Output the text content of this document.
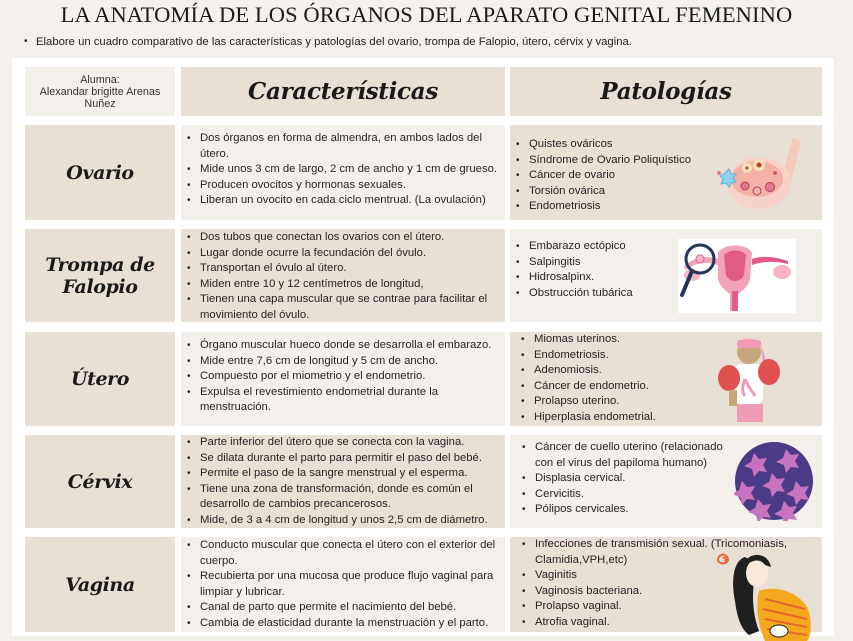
LA ANATOMÍA DE LOS ÓRGANOS DEL APARATO GENITAL FEMENINO
• Elabore un cuadro comparativo de las características y patologías del ovario, trompa de Falopio, útero, cérvix y vagina.
Alumna:
Alexandar brigitte Arenas
Nuñez	Características	Patologías
Ovario
• Dos órganos en forma de almendra, en ambos lados del útero.
• Mide unos 3 cm de largo, 2 cm de ancho y 1 cm de grueso.
• Producen ovocitos y hormonas sexuales.
• Liberan un ovocito en cada ciclo mentrual. (La ovulación)
• Quistes ováricos
• Síndrome de Ovario Poliquístico
• Cáncer de ovario
• Torsión ovárica
• Endometriosis
Trompa de
Falopio
• Dos tubos que conectan los ovarios con el útero.
• Lugar donde ocurre la fecundación del óvulo.
• Transportan el óvulo al útero.
• Miden entre 10 y 12 centímetros de longitud,
• Tienen una capa muscular que se contrae para facilitar el movimiento del óvulo.
• Embarazo ectópico
• Salpingitis
• Hidrosalpinx.
• Obstrucción tubárica
Útero
• Órgano muscular hueco donde se desarrolla el embarazo.
• Mide entre 7,6 cm de longitud y 5 cm de ancho.
• Compuesto por el miometrio y el endometrio.
• Expulsa el revestimiento endometrial durante la menstruación.
• Miomas uterinos.
• Endometriosis.
• Adenomiosis.
• Cáncer de endometrio.
• Prolapso uterino.
• Hiperplasia endometrial.
Cérvix
• Parte inferior del útero que se conecta con la vagina.
• Se dilata durante el parto para permitir el paso del bebé.
• Permite el paso de la sangre menstrual y el esperma.
• Tiene una zona de transformación, donde es común el desarrollo de cambios precancerosos.
• Mide, de 3 a 4 cm de longitud y unos 2,5 cm de diámetro.
• Cáncer de cuello uterino (relacionado con el virus del papiloma humano)
• Displasia cervical.
• Cervicitis.
• Pólipos cervicales.
Vagina
• Conducto muscular que conecta el útero con el exterior del cuerpo.
• Recubierta por una mucosa que produce flujo vaginal para limpiar y lubricar.
• Canal de parto que permite el nacimiento del bebé.
• Cambia de elasticidad durante la menstruación y el parto.
• Infecciones de transmisión sexual. (Tricomoniasis, Clamidia,VPH,etc)
• Vaginitis
• Vaginosis bacteriana.
• Prolapso vaginal.
• Atrofia vaginal.
